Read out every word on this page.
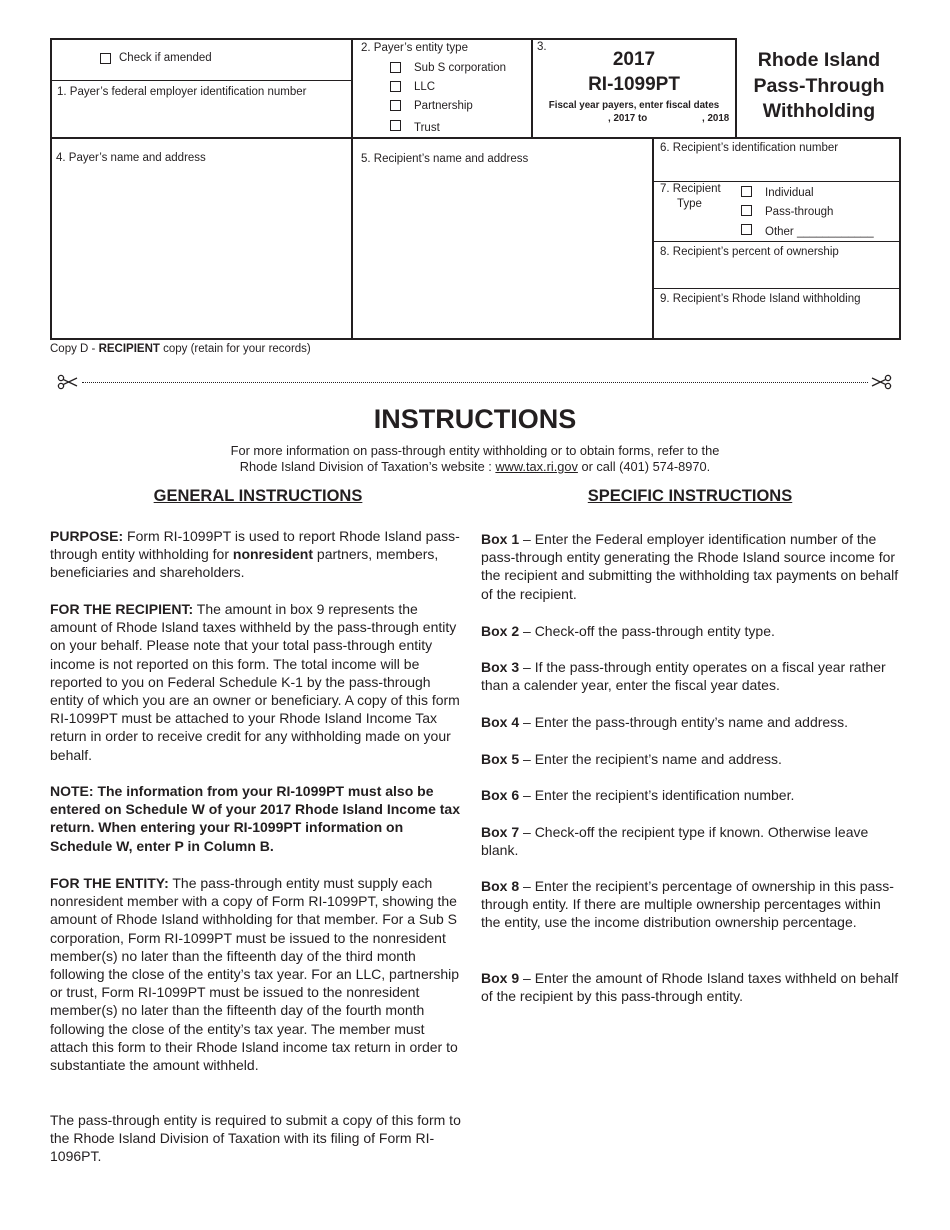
Check if amended
1. Payer’s federal employer identification number
2. Payer’s entity type
Sub S corporation
LLC
Partnership
Trust
3.
2017
RI-1099PT
Fiscal year payers, enter fiscal dates
, 2017 to	, 2018
Rhode Island
Pass-Through
Withholding
4. Payer’s name and address	5. Recipient’s name and address
6. Recipient’s identification number
7. Recipient
Type
Individual
Pass-through
Other ____________
8. Recipient’s percent of ownership
9. Recipient’s Rhode Island withholding
Copy D - RECIPIENT copy (retain for your records)
INSTRUCTIONS
For more information on pass-through entity withholding or to obtain forms, refer to the
Rhode Island Division of Taxation’s website : www.tax.ri.gov or call (401) 574-8970.
GENERAL INSTRUCTIONS	SPECIFIC INSTRUCTIONS
PURPOSE: Form RI-1099PT is used to report Rhode Island pass-through entity withholding for nonresident partners, members, beneficiaries and shareholders.
FOR THE RECIPIENT: The amount in box 9 represents the amount of Rhode Island taxes withheld by the pass-through entity on your behalf. Please note that your total pass-through entity income is not reported on this form. The total income will be reported to you on Federal Schedule K-1 by the pass-through entity of which you are an owner or beneficiary. A copy of this form RI-1099PT must be attached to your Rhode Island Income Tax return in order to receive credit for any withholding made on your behalf.
NOTE: The information from your RI-1099PT must also be entered on Schedule W of your 2017 Rhode Island Income tax return. When entering your RI-1099PT information on Schedule W, enter P in Column B.
FOR THE ENTITY: The pass-through entity must supply each nonresident member with a copy of Form RI-1099PT, showing the amount of Rhode Island withholding for that member. For a Sub S corporation, Form RI-1099PT must be issued to the nonresident member(s) no later than the fifteenth day of the third month following the close of the entity’s tax year. For an LLC, partnership or trust, Form RI-1099PT must be issued to the nonresident member(s) no later than the fifteenth day of the fourth month following the close of the entity’s tax year. The member must attach this form to their Rhode Island income tax return in order to substantiate the amount withheld.
The pass-through entity is required to submit a copy of this form to the Rhode Island Division of Taxation with its filing of Form RI-1096PT.
Box 1 – Enter the Federal employer identification number of the pass-through entity generating the Rhode Island source income for the recipient and submitting the withholding tax payments on behalf of the recipient.
Box 2 – Check-off the pass-through entity type.
Box 3 – If the pass-through entity operates on a fiscal year rather than a calender year, enter the fiscal year dates.
Box 4 – Enter the pass-through entity’s name and address.
Box 5 – Enter the recipient’s name and address.
Box 6 – Enter the recipient’s identification number.
Box 7 – Check-off the recipient type if known. Otherwise leave blank.
Box 8 – Enter the recipient’s percentage of ownership in this pass-through entity. If there are multiple ownership percentages within the entity, use the income distribution ownership percentage.
Box 9 – Enter the amount of Rhode Island taxes withheld on behalf of the recipient by this pass-through entity.
